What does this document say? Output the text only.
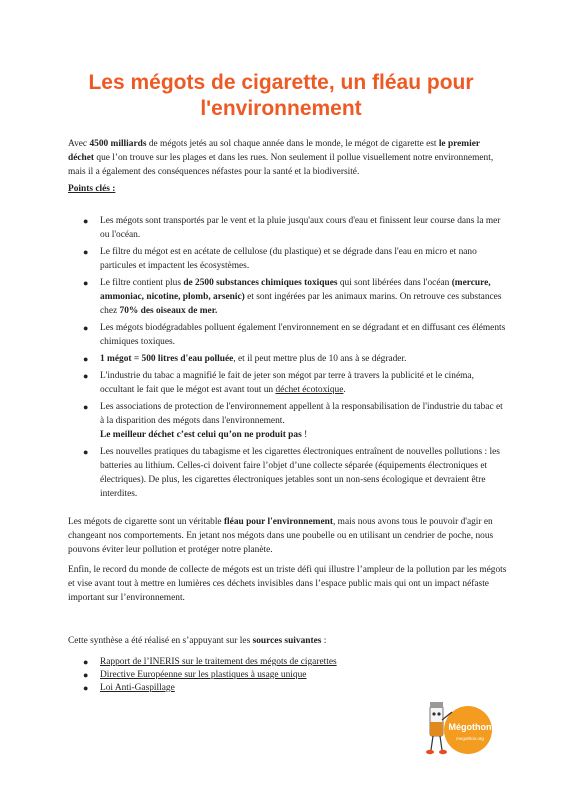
Les mégots de cigarette, un fléau pour l'environnement

Avec 4500 milliards de mégots jetés au sol chaque année dans le monde, le mégot de cigarette est le premier déchet que l’on trouve sur les plages et dans les rues. Non seulement il pollue visuellement notre environnement, mais il a également des conséquences néfastes pour la santé et la biodiversité.

Points clés :
● Les mégots sont transportés par le vent et la pluie jusqu'aux cours d'eau et finissent leur course dans la mer ou l'océan.
● Le filtre du mégot est en acétate de cellulose (du plastique) et se dégrade dans l'eau en micro et nano particules et impactent les écosystèmes.
● Le filtre contient plus de 2500 substances chimiques toxiques qui sont libérées dans l'océan (mercure, ammoniac, nicotine, plomb, arsenic) et sont ingérées par les animaux marins. On retrouve ces substances chez 70% des oiseaux de mer.
● Les mégots biodégradables polluent également l'environnement en se dégradant et en diffusant ces éléments chimiques toxiques.
● 1 mégot = 500 litres d'eau polluée, et il peut mettre plus de 10 ans à se dégrader.
● L'industrie du tabac a magnifié le fait de jeter son mégot par terre à travers la publicité et le cinéma, occultant le fait que le mégot est avant tout un déchet écotoxique.
● Les associations de protection de l'environnement appellent à la responsabilisation de l'industrie du tabac et à la disparition des mégots dans l'environnement.
Le meilleur déchet c’est celui qu’on ne produit pas !
● Les nouvelles pratiques du tabagisme et les cigarettes électroniques entraînent de nouvelles pollutions : les batteries au lithium. Celles-ci doivent faire l’objet d’une collecte séparée (équipements électroniques et électriques). De plus, les cigarettes électroniques jetables sont un non-sens écologique et devraient être interdites.

Les mégots de cigarette sont un véritable fléau pour l'environnement, mais nous avons tous le pouvoir d'agir en changeant nos comportements. En jetant nos mégots dans une poubelle ou en utilisant un cendrier de poche, nous pouvons éviter leur pollution et protéger notre planète.

Enfin, le record du monde de collecte de mégots est un triste défi qui illustre l’ampleur de la pollution par les mégots et vise avant tout à mettre en lumières ces déchets invisibles dans l’espace public mais qui ont un impact néfaste important sur l’environnement.

Cette synthèse a été réalisé en s’appuyant sur les sources suivantes :

● Rapport de l’INERIS sur le traitement des mégots de cigarettes
● Directive Européenne sur les plastiques à usage unique
● Loi Anti-Gaspillage
Mégothon
megothon.org
